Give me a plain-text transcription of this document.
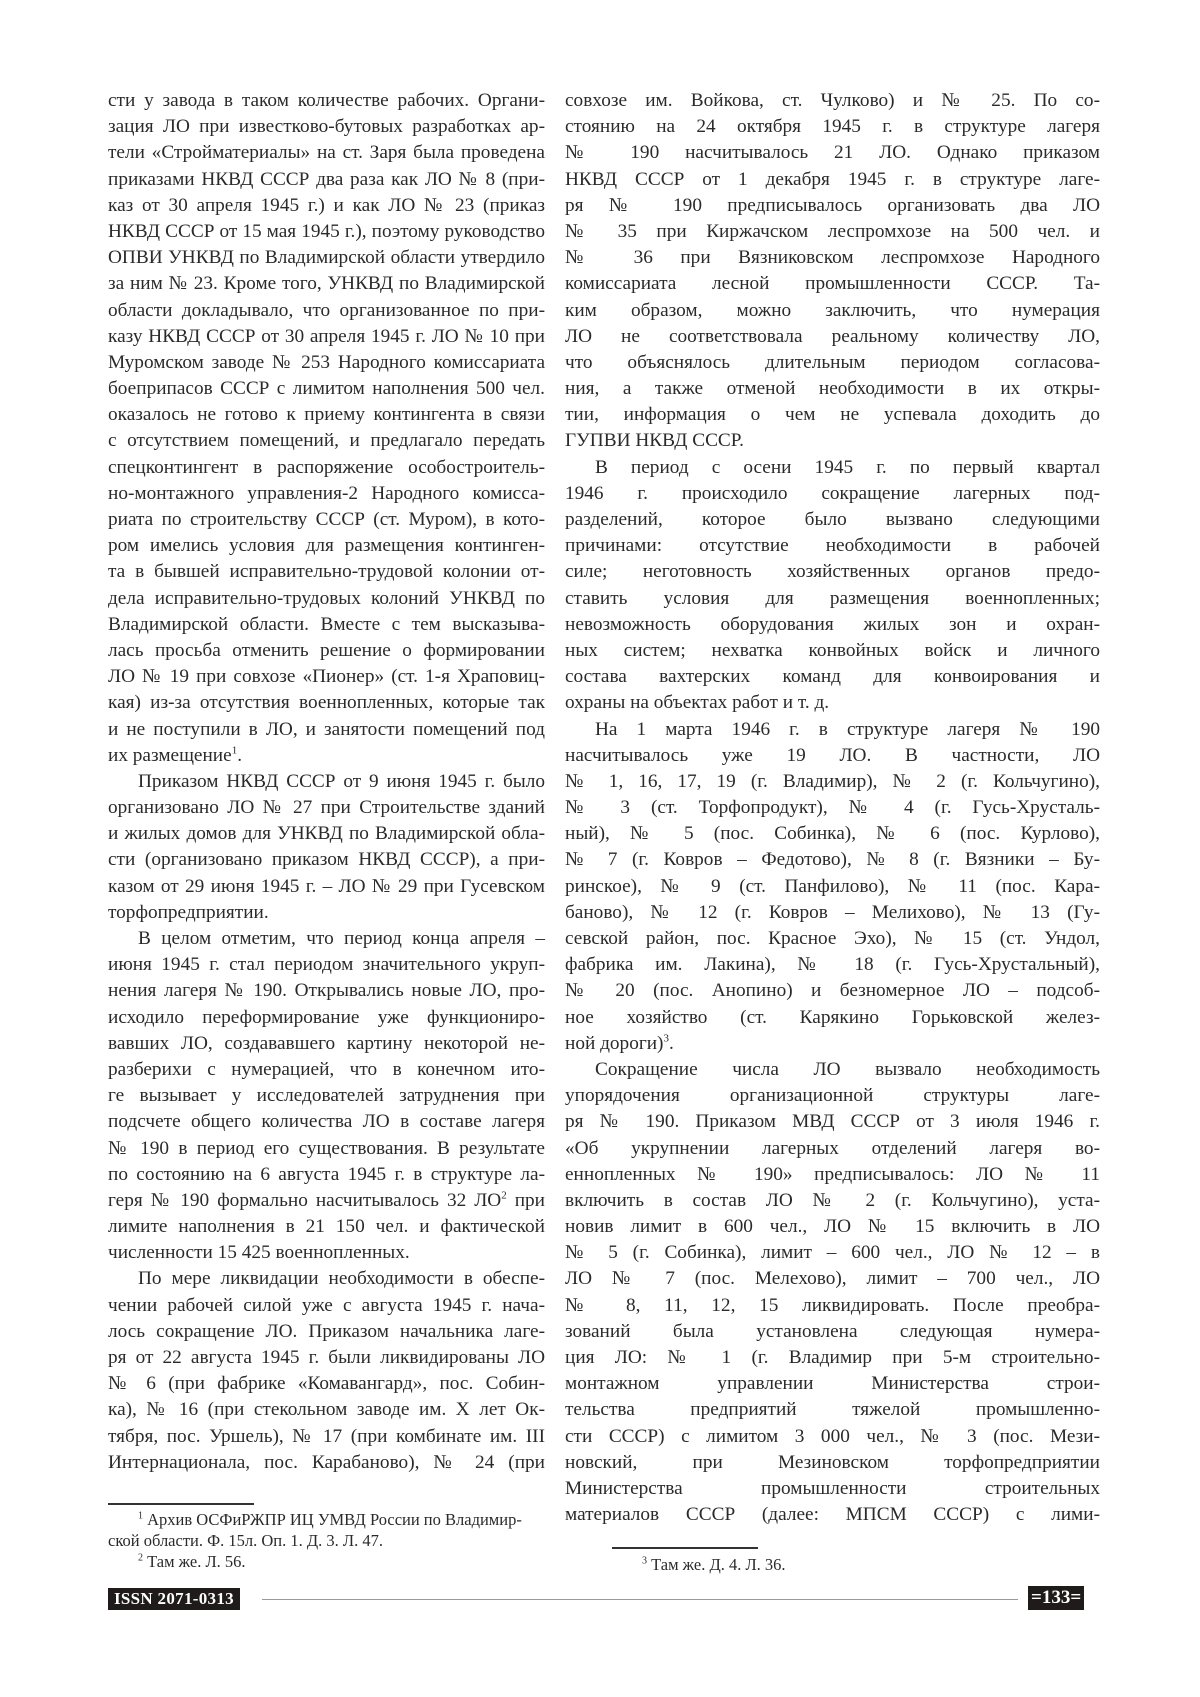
сти у завода в таком количестве рабочих. Органи-
зация ЛО при известково-бутовых разработках ар-
тели «Стройматериалы» на ст. Заря была проведена
приказами НКВД СССР два раза как ЛО № 8 (при-
каз от 30 апреля 1945 г.) и как ЛО № 23 (приказ
НКВД СССР от 15 мая 1945 г.), поэтому руководство
ОПВИ УНКВД по Владимирской области утвердило
за ним № 23. Кроме того, УНКВД по Владимирской
области докладывало, что организованное по при-
казу НКВД СССР от 30 апреля 1945 г. ЛО № 10 при
Муромском заводе № 253 Народного комиссариата
боеприпасов СССР с лимитом наполнения 500 чел.
оказалось не готово к приему контингента в связи
с отсутствием помещений, и предлагало передать
спецконтингент в распоряжение особостроитель-
но-монтажного управления-2 Народного комисса-
риата по строительству СССР (ст. Муром), в кото-
ром имелись условия для размещения континген-
та в бывшей исправительно-трудовой колонии от-
дела исправительно-трудовых колоний УНКВД по
Владимирской области. Вместе с тем высказыва-
лась просьба отменить решение о формировании
ЛО № 19 при совхозе «Пионер» (ст. 1-я Храповиц-
кая) из-за отсутствия военнопленных, которые так
и не поступили в ЛО, и занятости помещений под
их размещение$^1$.
Приказом НКВД СССР от 9 июня 1945 г. было
организовано ЛО № 27 при Строительстве зданий
и жилых домов для УНКВД по Владимирской обла-
сти (организовано приказом НКВД СССР), а при-
казом от 29 июня 1945 г. – ЛО № 29 при Гусевском
торфопредприятии.
В целом отметим, что период конца апреля –
июня 1945 г. стал периодом значительного укруп-
нения лагеря № 190. Открывались новые ЛО, про-
исходило переформирование уже функциониро-
вавших ЛО, создававшего картину некоторой не-
разберихи с нумерацией, что в конечном ито-
ге вызывает у исследователей затруднения при
подсчете общего количества ЛО в составе лагеря
№ 190 в период его существования. В результате
по состоянию на 6 августа 1945 г. в структуре ла-
геря № 190 формально насчитывалось 32 $ЛО^2$ при
лимите наполнения в 21 150 чел. и фактической
численности 15 425 военнопленных.
По мере ликвидации необходимости в обеспе-
чении рабочей силой уже с августа 1945 г. нача-
лось сокращение ЛО. Приказом начальника лаге-
ря от 22 августа 1945 г. были ликвидированы ЛО
№ 6 (при фабрике «Комавангард», пос. Собин-
ка), № 16 (при стекольном заводе им. X лет Ок-
тября, пос. Уршель), № 17 (при комбинате им. III
Интернационала, пос. Карабаново), № 24 (при
совхозе им. Войкова, ст. Чулково) и № 25. По со-
стоянию на 24 октября 1945 г. в структуре лагеря
№ 190 насчитывалось 21 ЛО. Однако приказом
НКВД СССР от 1 декабря 1945 г. в структуре лаге-
ря № 190 предписывалось организовать два ЛО
№ 35 при Киржачском леспромхозе на 500 чел. и
№ 36 при Вязниковском леспромхозе Народного
комиссариата лесной промышленности СССР. Та-
ким образом, можно заключить, что нумерация
ЛО не соответствовала реальному количеству ЛО,
что объяснялось длительным периодом согласова-
ния, а также отменой необходимости в их откры-
тии, информация о чем не успевала доходить до
ГУПВИ НКВД СССР.
В период с осени 1945 г. по первый квартал
1946 г. происходило сокращение лагерных под-
разделений, которое было вызвано следующими
причинами: отсутствие необходимости в рабочей
силе; неготовность хозяйственных органов предо-
ставить условия для размещения военнопленных;
невозможность оборудования жилых зон и охран-
ных систем; нехватка конвойных войск и личного
состава вахтерских команд для конвоирования и
охраны на объектах работ и т. д.
На 1 марта 1946 г. в структуре лагеря № 190
насчитывалось уже 19 ЛО. В частности, ЛО
№ 1, 16, 17, 19 (г. Владимир), № 2 (г. Кольчугино),
№ 3 (ст. Торфопродукт), № 4 (г. Гусь-Хрусталь-
ный), № 5 (пос. Собинка), № 6 (пос. Курлово),
№ 7 (г. Ковров – Федотово), № 8 (г. Вязники – Бу-
ринское), № 9 (ст. Панфилово), № 11 (пос. Кара-
баново), № 12 (г. Ковров – Мелихово), № 13 (Гу-
севской район, пос. Красное Эхо), № 15 (ст. Ундол,
фабрика им. Лакина), № 18 (г. Гусь-Хрустальный),
№ 20 (пос. Анопино) и безномерное ЛО – подсоб-
ное хозяйство (ст. Карякино Горьковской желез-
ной дороги)$^3$.
Сокращение числа ЛО вызвало необходимость
упорядочения организационной структуры лаге-
ря № 190. Приказом МВД СССР от 3 июля 1946 г.
«Об укрупнении лагерных отделений лагеря во-
еннопленных № 190» предписывалось: ЛО № 11
включить в состав ЛО № 2 (г. Кольчугино), уста-
новив лимит в 600 чел., ЛО № 15 включить в ЛО
№ 5 (г. Собинка), лимит – 600 чел., ЛО № 12 – в
ЛО № 7 (пос. Мелехово), лимит – 700 чел., ЛО
№ 8, 11, 12, 15 ликвидировать. После преобра-
зований была установлена следующая нумера-
ция ЛО: № 1 (г. Владимир при 5-м строительно-
монтажном управлении Министерства строи-
тельства предприятий тяжелой промышленно-
сти СССР) с лимитом 3 000 чел., № 3 (пос. Мези-
новский, при Мезиновском торфопредприятии
Министерства промышленности строительных
материалов СССР (далее: МПСМ СССР) с лими-
$^1$ Архив ОСФиРЖПР ИЦ УМВД России по Владимир-
ской области. Ф. 15л. Оп. 1. Д. 3. Л. 47.
$^2$ Там же. Л. 56.	$^3$ Там же. Д. 4. Л. 36.
ISSN 2071-0313	=133=
